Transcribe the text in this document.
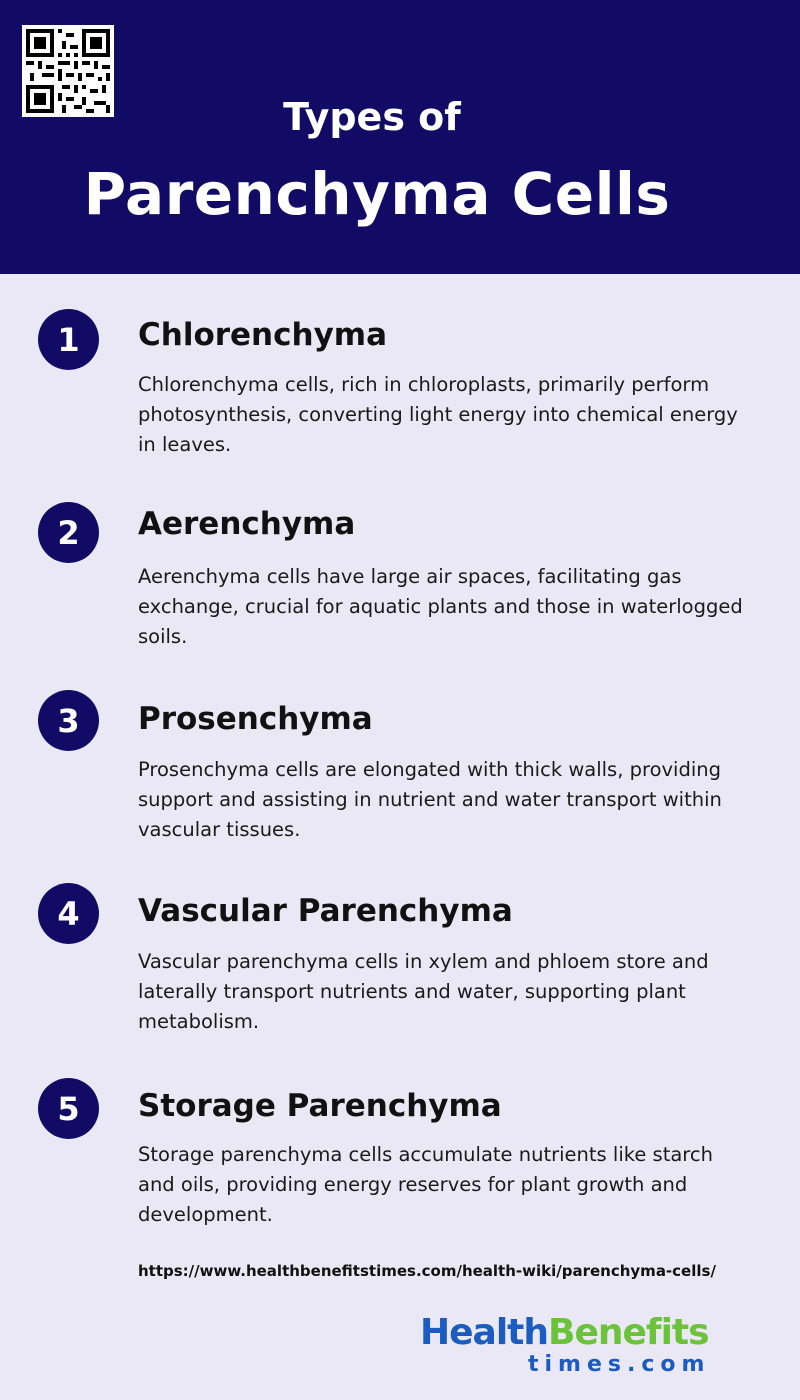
Types of
Parenchyma Cells
1	Chlorenchyma
Chlorenchyma cells, rich in chloroplasts, primarily perform photosynthesis, converting light energy into chemical energy in leaves.
2	Aerenchyma
Aerenchyma cells have large air spaces, facilitating gas exchange, crucial for aquatic plants and those in waterlogged soils.
3	Prosenchyma
Prosenchyma cells are elongated with thick walls, providing support and assisting in nutrient and water transport within vascular tissues.
4	Vascular Parenchyma
Vascular parenchyma cells in xylem and phloem store and laterally transport nutrients and water, supporting plant metabolism.
5	Storage Parenchyma
Storage parenchyma cells accumulate nutrients like starch and oils, providing energy reserves for plant growth and development.
https://www.healthbenefitstimes.com/health-wiki/parenchyma-cells/
HealthBenefits
times.com
